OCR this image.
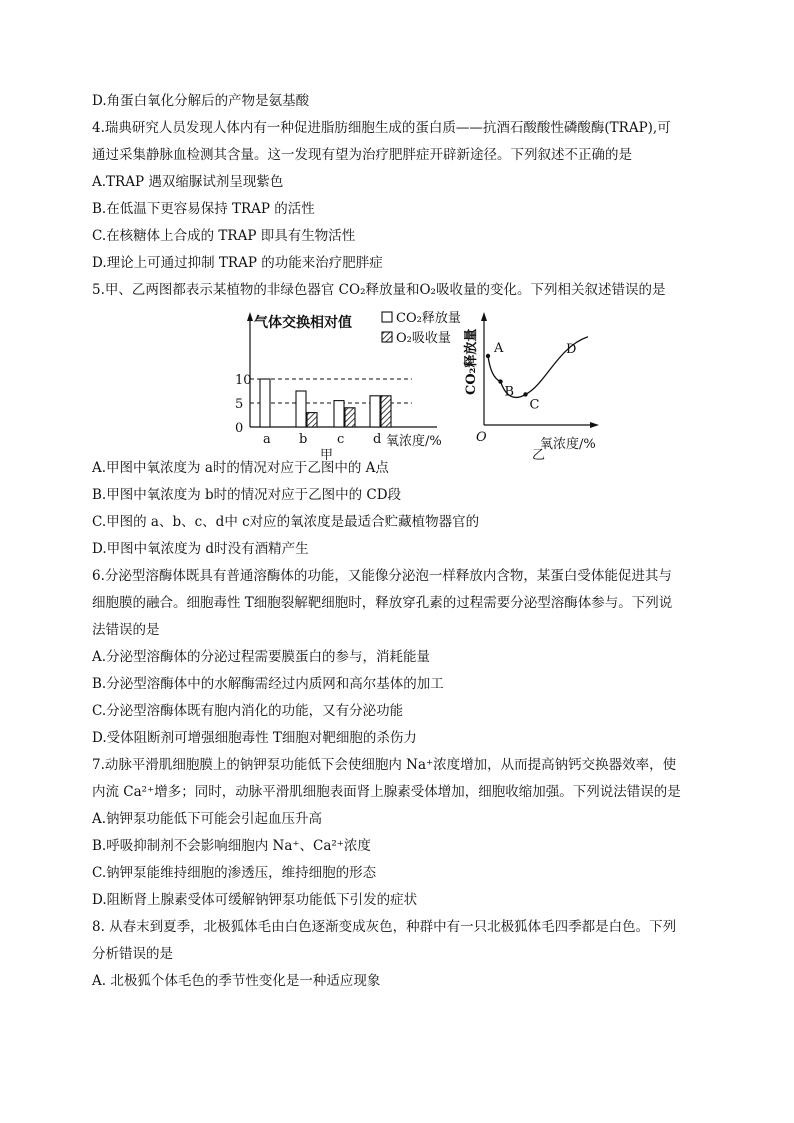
D.角蛋白氧化分解后的产物是氨基酸
4.瑞典研究人员发现人体内有一种促进脂肪细胞生成的蛋白质——抗酒石酸酸性磷酸酶(TRAP),可
通过采集静脉血检测其含量。这一发现有望为治疗肥胖症开辟新途径。下列叙述不正确的是
A.TRAP 遇双缩脲试剂呈现紫色
B.在低温下更容易保持 TRAP 的活性
C.在核糖体上合成的 TRAP 即具有生物活性
D.理论上可通过抑制 TRAP 的功能来治疗肥胖症
5.甲、乙两图都表示某植物的非绿色器官 CO₂释放量和O₂吸收量的变化。下列相关叙述错误的是
气体交换相对值
氧浓度/%
甲
10
5
0
a b c d
CO₂释放量
O₂吸收量 CO₂释放量
O	氧浓度/%
乙
A
B
C
D
A.甲图中氧浓度为 a时的情况对应于乙图中的 A点
B.甲图中氧浓度为 b时的情况对应于乙图中的 CD段
C.甲图的 a、b、c、d中 c对应的氧浓度是最适合贮藏植物器官的
D.甲图中氧浓度为 d时没有酒精产生
6.分泌型溶酶体既具有普通溶酶体的功能，又能像分泌泡一样释放内含物，某蛋白受体能促进其与
细胞膜的融合。细胞毒性 T细胞裂解靶细胞时，释放穿孔素的过程需要分泌型溶酶体参与。下列说
法错误的是
A.分泌型溶酶体的分泌过程需要膜蛋白的参与，消耗能量
B.分泌型溶酶体中的水解酶需经过内质网和高尔基体的加工
C.分泌型溶酶体既有胞内消化的功能，又有分泌功能
D.受体阻断剂可增强细胞毒性 T细胞对靶细胞的杀伤力
7.动脉平滑肌细胞膜上的钠钾泵功能低下会使细胞内 Na⁺浓度增加，从而提高钠钙交换器效率，使
内流 Ca²⁺增多；同时，动脉平滑肌细胞表面肾上腺素受体增加，细胞收缩加强。下列说法错误的是
A.钠钾泵功能低下可能会引起血压升高
B.呼吸抑制剂不会影响细胞内 Na⁺、Ca²⁺浓度
C.钠钾泵能维持细胞的渗透压，维持细胞的形态
D.阻断肾上腺素受体可缓解钠钾泵功能低下引发的症状
8. 从春末到夏季，北极狐体毛由白色逐渐变成灰色，种群中有一只北极狐体毛四季都是白色。下列
分析错误的是
A. 北极狐个体毛色的季节性变化是一种适应现象
